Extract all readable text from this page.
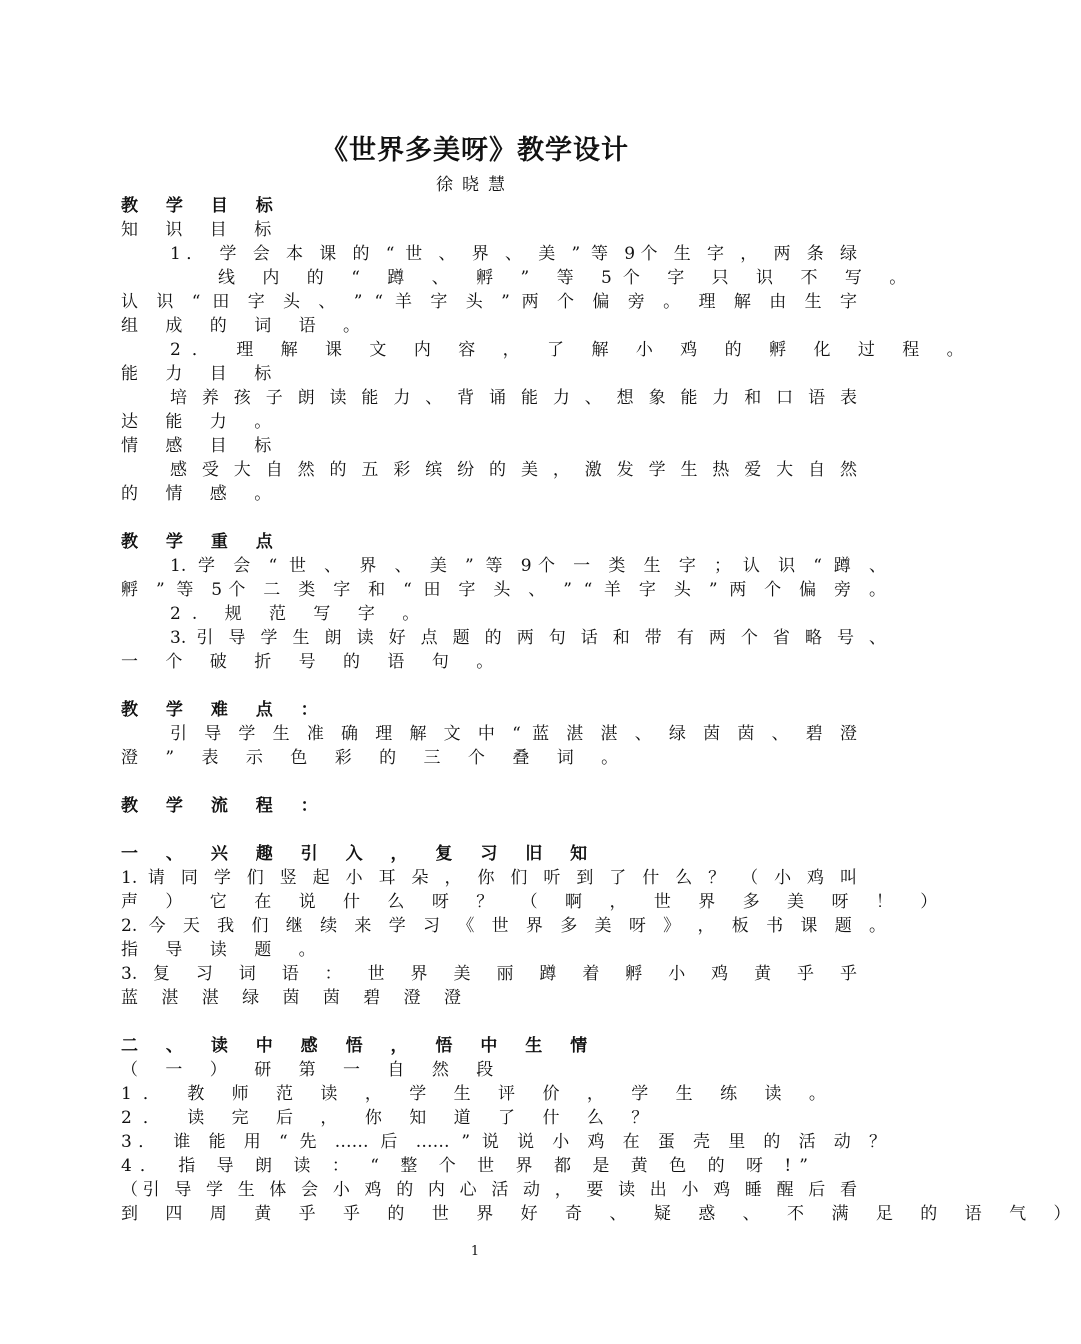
《世界多美呀》教学设计
徐晓慧
教 学 目 标
知 识 目 标
1． 学 会 本 课 的 “ 世 、 界 、 美 ” 等 9个 生 字 ， 两 条 绿
线 内 的 “ 蹲 、 孵 ” 等 5个 字 只 识 不 写 。
认 识 “ 田 字 头 、 ” “ 羊 字 头 ” 两 个 偏 旁 。 理 解 由 生 字
组 成 的 词 语 。
2． 理 解 课 文 内 容 ， 了 解 小 鸡 的 孵 化 过 程 。
能 力 目 标
培 养 孩 子 朗 读 能 力 、 背 诵 能 力 、 想 象 能 力 和 口 语 表
达 能 力 。
情 感 目 标
感 受 大 自 然 的 五 彩 缤 纷 的 美 ， 激 发 学 生 热 爱 大 自 然
的 情 感 。
教 学 重 点
1. 学 会 “ 世 、 界 、 美 ” 等 9个 一 类 生 字 ； 认 识 “ 蹲 、
孵 ” 等 5个 二 类 字 和 “ 田 字 头 、 ” “ 羊 字 头 ” 两 个 偏 旁 。
2. 规 范 写 字 。
3. 引 导 学 生 朗 读 好 点 题 的 两 句 话 和 带 有 两 个 省 略 号 、
一 个 破 折 号 的 语 句 。
教 学 难 点 ：
引 导 学 生 准 确 理 解 文 中 “ 蓝 湛 湛 、 绿 茵 茵 、 碧 澄
澄 ” 表 示 色 彩 的 三 个 叠 词 。
教 学 流 程 ：
一 、 兴 趣 引 入 ， 复 习 旧 知
1. 请 同 学 们 竖 起 小 耳 朵 ， 你 们 听 到 了 什 么 ？ （ 小 鸡 叫
声 ） 它 在 说 什 么 呀 ？ （ 啊 ， 世 界 多 美 呀 ！ ）
2. 今 天 我 们 继 续 来 学 习 《 世 界 多 美 呀 》 ， 板 书 课 题 。
指 导 读 题 。
3. 复 习 词 语 ： 世 界 美 丽 蹲 着 孵 小 鸡 黄 乎 乎
蓝 湛 湛 绿 茵 茵 碧 澄 澄
二 、 读 中 感 悟 ， 悟 中 生 情
（ 一 ） 研 第 一 自 然 段
1． 教 师 范 读 ， 学 生 评 价 ， 学 生 练 读 。
2． 读 完 后 ， 你 知 道 了 什 么 ？
3． 谁 能 用 “ 先 …… 后 …… ” 说 说 小 鸡 在 蛋 壳 里 的 活 动 ？
4． 指 导 朗 读 ： “ 整 个 世 界 都 是 黄 色 的 呀 !”
（引 导 学 生 体 会 小 鸡 的 内 心 活 动 ， 要 读 出 小 鸡 睡 醒 后 看
到 四 周 黄 乎 乎 的 世 界 好 奇 、 疑 惑 、 不 满 足 的 语 气 ）
1
